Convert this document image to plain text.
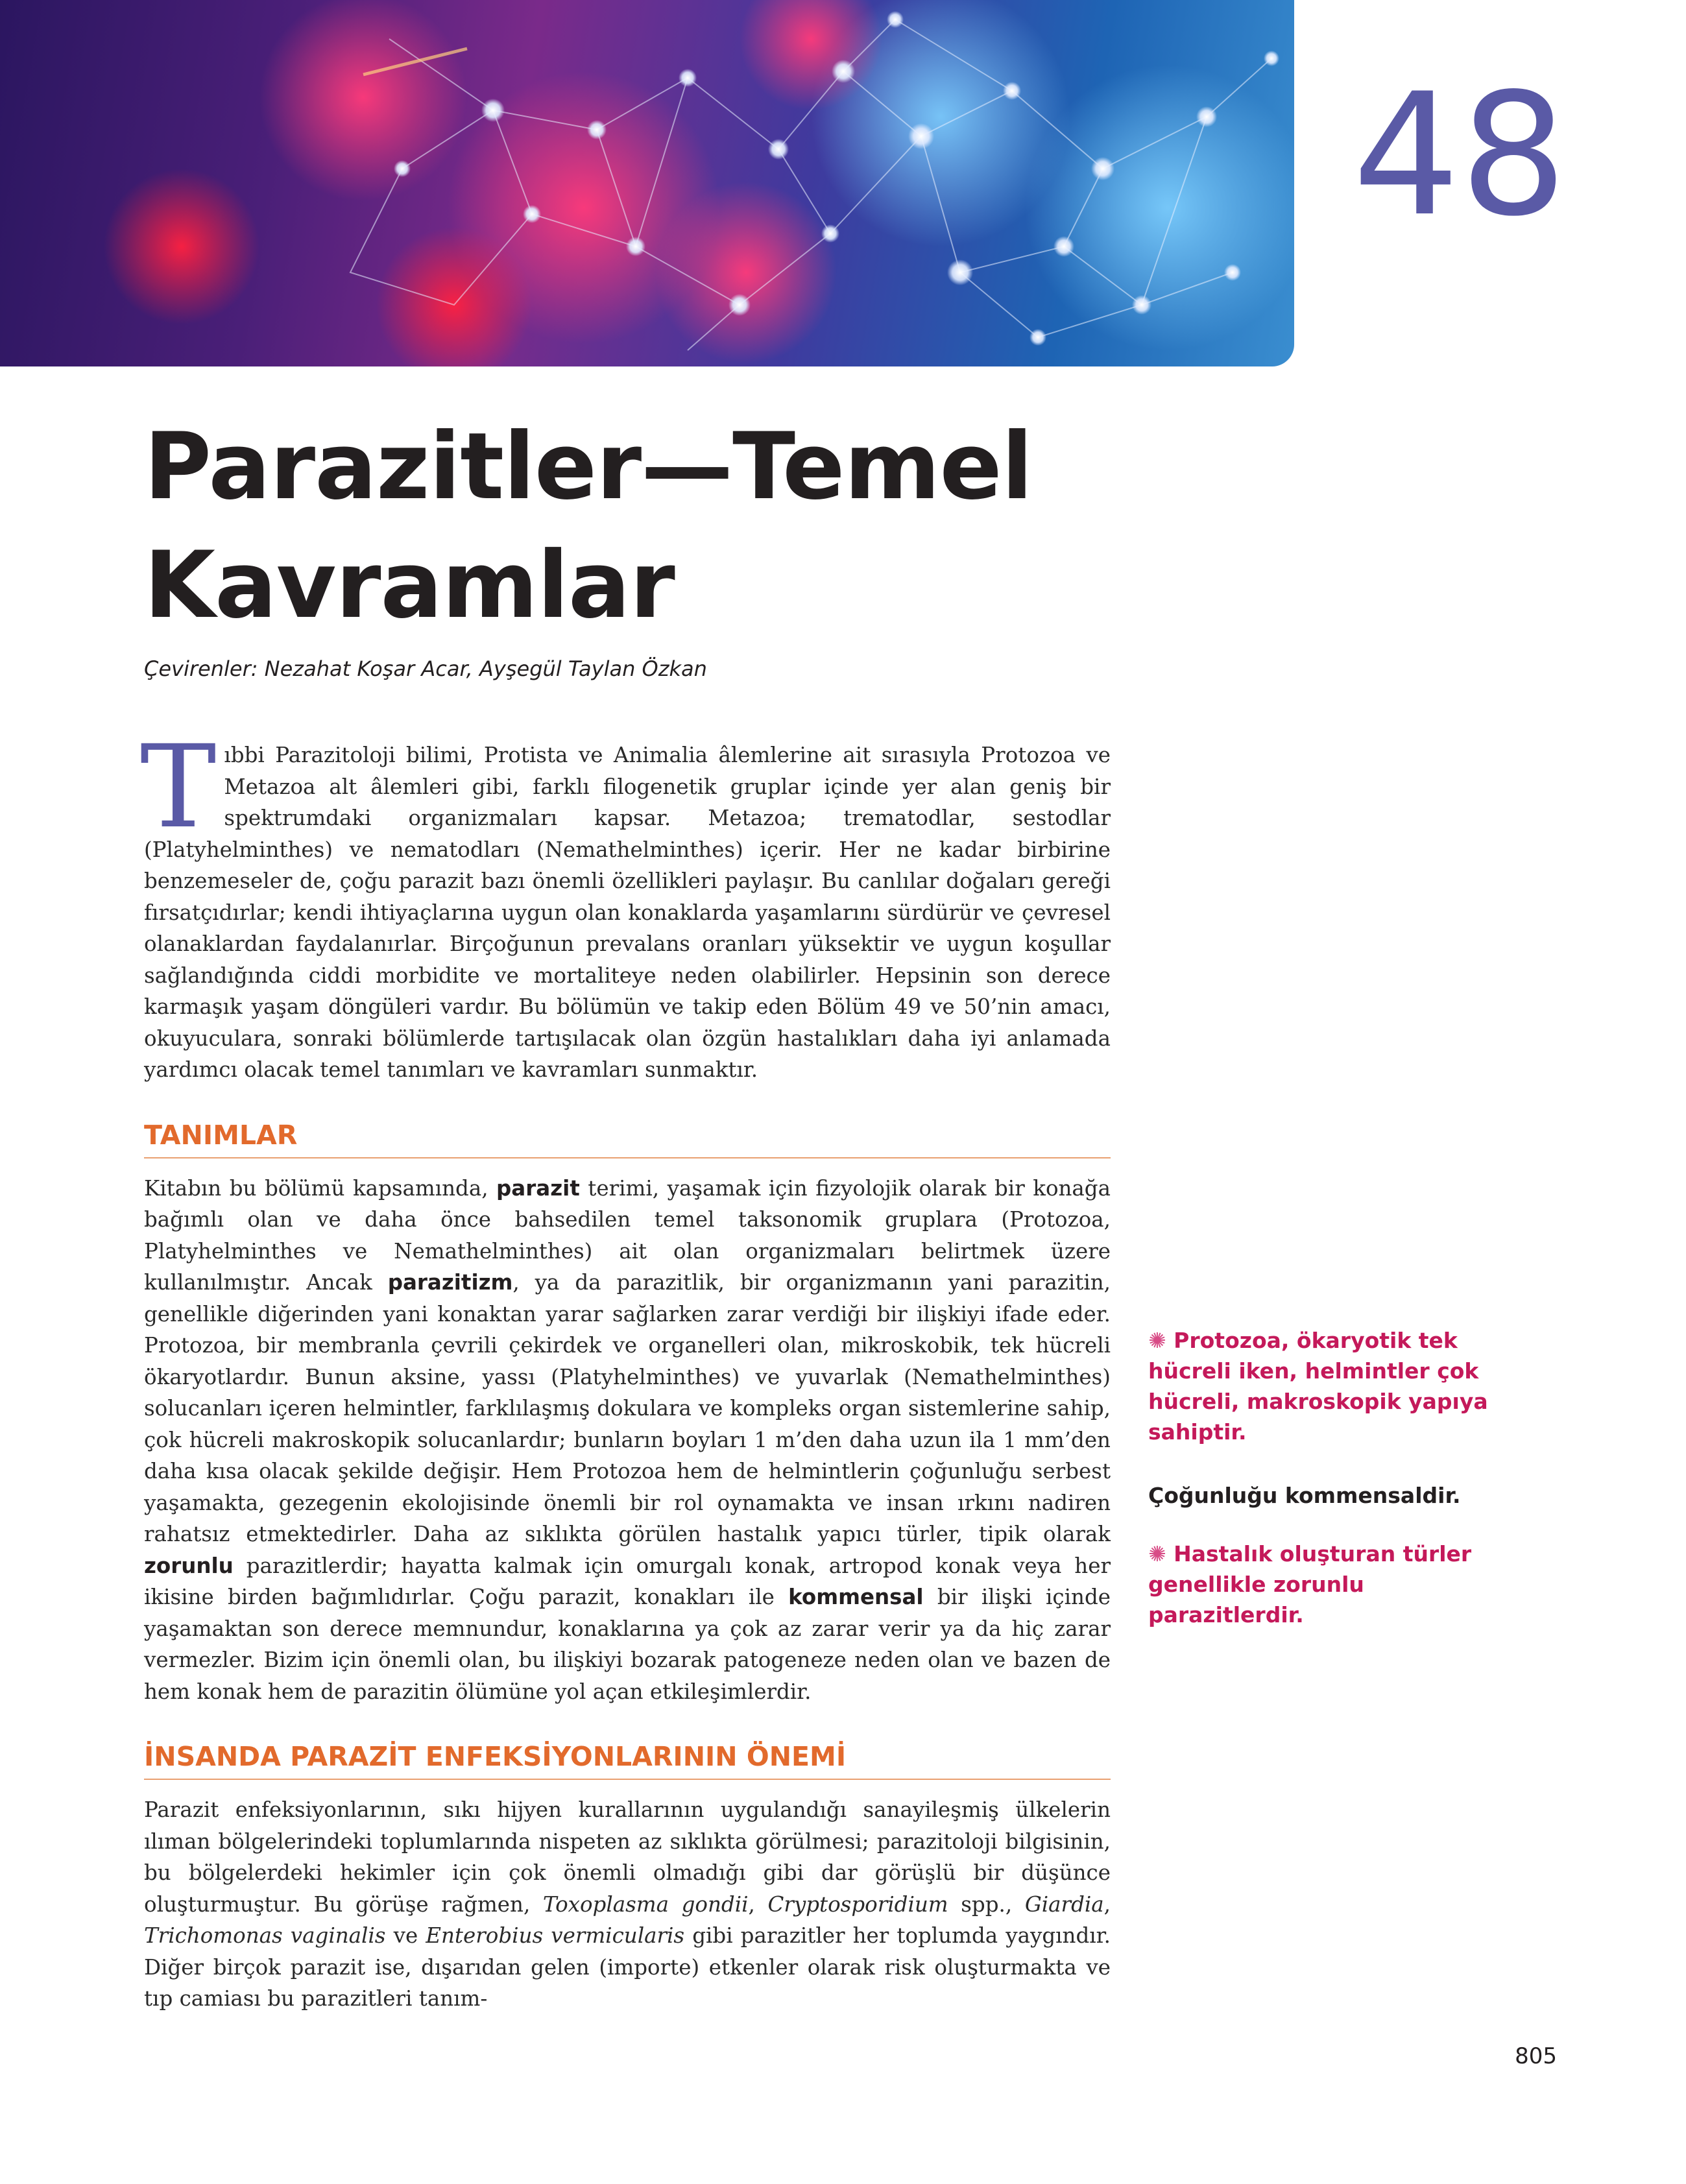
48
Parazitler—Temel
Kavramlar
Çevirenler: Nezahat Koşar Acar, Ayşegül Taylan Özkan

Tıbbi Parazitoloji bilimi, Protista ve Animalia âlemlerine ait sırasıyla Protozoa ve Metazoa alt âlemleri gibi, farklı filogenetik gruplar içinde yer alan geniş bir spektrumdaki organizmaları kapsar. Metazoa; trematodlar, sestodlar (Platyhelminthes) ve nematodları (Nemathelminthes) içerir. Her ne kadar birbirine benzemeseler de, çoğu parazit bazı önemli özellikleri paylaşır. Bu canlılar doğaları gereği fırsatçıdırlar; kendi ihtiyaçlarına uygun olan konaklarda yaşamlarını sürdürür ve çevresel olanaklardan faydalanırlar. Birçoğunun prevalans oranları yüksektir ve uygun koşullar sağlandığında ciddi morbidite ve mortaliteye neden olabilirler. Hepsinin son derece karmaşık yaşam döngüleri vardır. Bu bölümün ve takip eden Bölüm 49 ve 50’nin amacı, okuyuculara, sonraki bölümlerde tartışılacak olan özgün hastalıkları daha iyi anlamada yardımcı olacak temel tanımları ve kavramları sunmaktır.

TANIMLAR

Kitabın bu bölümü kapsamında, parazit terimi, yaşamak için fizyolojik olarak bir konağa bağımlı olan ve daha önce bahsedilen temel taksonomik gruplara (Protozoa, Platyhelminthes ve Nemathelminthes) ait olan organizmaları belirtmek üzere kullanılmıştır. Ancak parazitizm, ya da parazitlik, bir organizmanın yani parazitin, genellikle diğerinden yani konaktan yarar sağlarken zarar verdiği bir ilişkiyi ifade eder. Protozoa, bir membranla çevrili çekirdek ve organelleri olan, mikroskobik, tek hücreli ökaryotlardır. Bunun aksine, yassı (Platyhelminthes) ve yuvarlak (Nemathelminthes) solucanları içeren helmintler, farklılaşmış dokulara ve kompleks organ sistemlerine sahip, çok hücreli makroskopik solucanlardır; bunların boyları 1 m’den daha uzun ila 1 mm’den daha kısa olacak şekilde değişir. Hem Protozoa hem de helmintlerin çoğunluğu serbest yaşamakta, gezegenin ekolojisinde önemli bir rol oynamakta ve insan ırkını nadiren rahatsız etmektedirler. Daha az sıklıkta görülen hastalık yapıcı türler, tipik olarak zorunlu parazitlerdir; hayatta kalmak için omurgalı konak, artropod konak veya her ikisine birden bağımlıdırlar. Çoğu parazit, konakları ile kommensal bir ilişki içinde yaşamaktan son derece memnundur, konaklarına ya çok az zarar verir ya da hiç zarar vermezler. Bizim için önemli olan, bu ilişkiyi bozarak patogeneze neden olan ve bazen de hem konak hem de parazitin ölümüne yol açan etkileşimlerdir.

İNSANDA PARAZİT ENFEKSİYONLARININ ÖNEMİ

Parazit enfeksiyonlarının, sıkı hijyen kurallarının uygulandığı sanayileşmiş ülkelerin ılıman bölgelerindeki toplumlarında nispeten az sıklıkta görülmesi; parazitoloji bilgisinin, bu bölgelerdeki hekimler için çok önemli olmadığı gibi dar görüşlü bir düşünce oluşturmuştur. Bu görüşe rağmen, Toxoplasma gondii, Cryptosporidium spp., Giardia, Trichomonas vaginalis ve Enterobius vermicularis gibi parazitler her toplumda yaygındır. Diğer birçok parazit ise, dışarıdan gelen (importe) etkenler olarak risk oluşturmakta ve tıp camiası bu parazitleri tanım-

✺ Protozoa, ökaryotik tek hücreli iken, helmintler çok hücreli, makroskopik yapıya sahiptir.
Çoğunluğu kommensaldir.
✺ Hastalık oluşturan türler genellikle zorunlu parazitlerdir.
805
